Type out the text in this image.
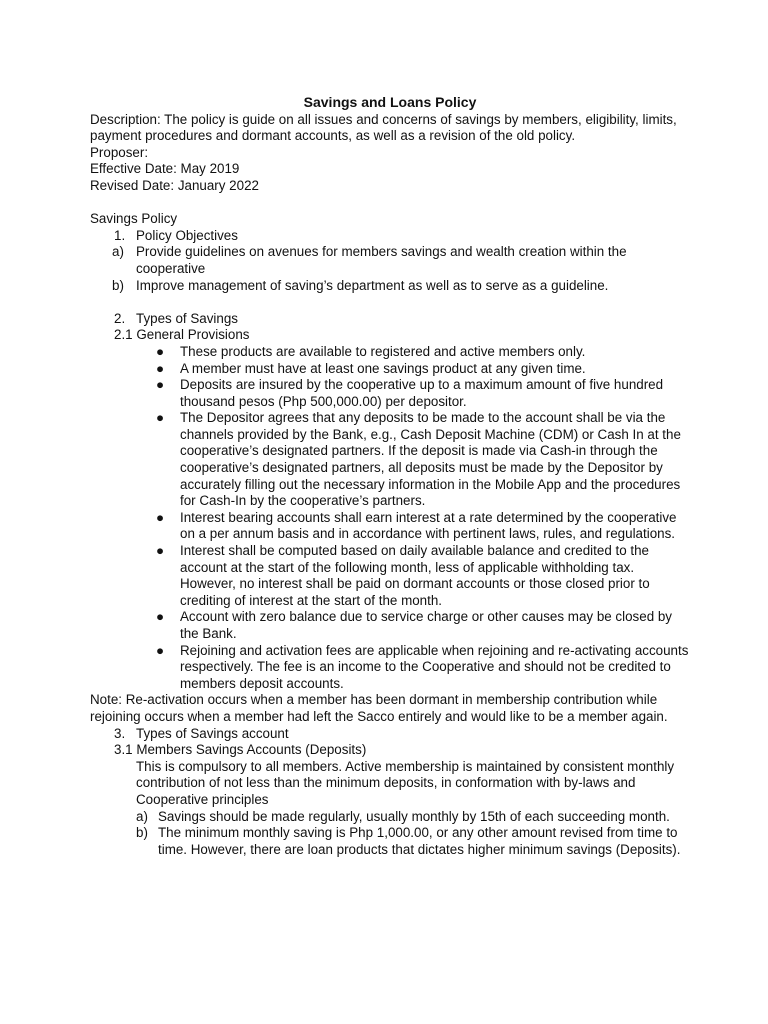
Savings and Loans Policy

Description: The policy is guide on all issues and concerns of savings by members, eligibility, limits, payment procedures and dormant accounts, as well as a revision of the old policy.

Proposer:

Effective Date: May 2019

Revised Date: January 2022

Savings Policy

1. Policy Objectives

a) Provide guidelines on avenues for members savings and wealth creation within the cooperative

b) Improve management of saving’s department as well as to serve as a guideline.

2. Types of Savings

2.1 General Provisions

● These products are available to registered and active members only.
● A member must have at least one savings product at any given time.
● Deposits are insured by the cooperative up to a maximum amount of five hundred thousand pesos (Php 500,000.00) per depositor.
● The Depositor agrees that any deposits to be made to the account shall be via the channels provided by the Bank, e.g., Cash Deposit Machine (CDM) or Cash In at the cooperative’s designated partners. If the deposit is made via Cash-in through the cooperative’s designated partners, all deposits must be made by the Depositor by accurately filling out the necessary information in the Mobile App and the procedures for Cash-In by the cooperative’s partners.
● Interest bearing accounts shall earn interest at a rate determined by the cooperative on a per annum basis and in accordance with pertinent laws, rules, and regulations.
● Interest shall be computed based on daily available balance and credited to the account at the start of the following month, less of applicable withholding tax. However, no interest shall be paid on dormant accounts or those closed prior to crediting of interest at the start of the month.
● Account with zero balance due to service charge or other causes may be closed by the Bank.
● Rejoining and activation fees are applicable when rejoining and re-activating accounts respectively. The fee is an income to the Cooperative and should not be credited to members deposit accounts.

Note: Re-activation occurs when a member has been dormant in membership contribution while rejoining occurs when a member had left the Sacco entirely and would like to be a member again.

3. Types of Savings account

3.1 Members Savings Accounts (Deposits)

This is compulsory to all members. Active membership is maintained by consistent monthly contribution of not less than the minimum deposits, in conformation with by-laws and Cooperative principles

a) Savings should be made regularly, usually monthly by 15th of each succeeding month.

b) The minimum monthly saving is Php 1,000.00, or any other amount revised from time to time. However, there are loan products that dictates higher minimum savings (Deposits).
